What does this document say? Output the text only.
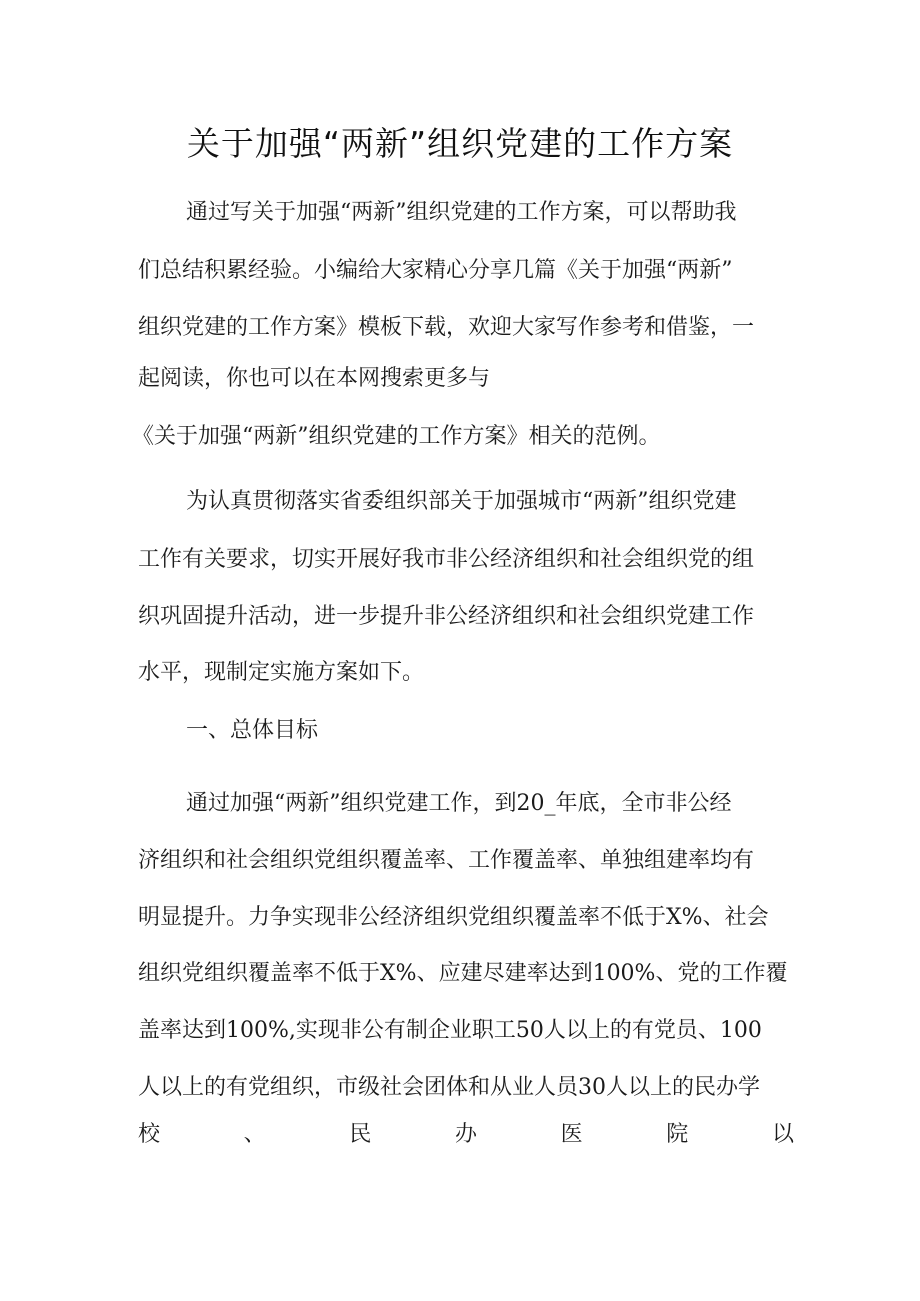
关于加强“两新”组织党建的工作方案
通过写关于加强“两新”组织党建的工作方案，可以帮助我
们总结积累经验。小编给大家精心分享几篇《关于加强“两新”
组织党建的工作方案》模板下载，欢迎大家写作参考和借鉴，一
起阅读，你也可以在本网搜索更多与
《关于加强“两新”组织党建的工作方案》相关的范例。
为认真贯彻落实省委组织部关于加强城市“两新”组织党建
工作有关要求，切实开展好我市非公经济组织和社会组织党的组
织巩固提升活动，进一步提升非公经济组织和社会组织党建工作
水平，现制定实施方案如下。
一、总体目标
通过加强“两新”组织党建工作，到20_年底，全市非公经
济组织和社会组织党组织覆盖率、工作覆盖率、单独组建率均有
明显提升。力争实现非公经济组织党组织覆盖率不低于X%、社会
组织党组织覆盖率不低于X%、应建尽建率达到100%、党的工作覆
盖率达到100%,实现非公有制企业职工50人以上的有党员、100
人以上的有党组织，市级社会团体和从业人员30人以上的民办学
校	、	民	办	医	院	以
